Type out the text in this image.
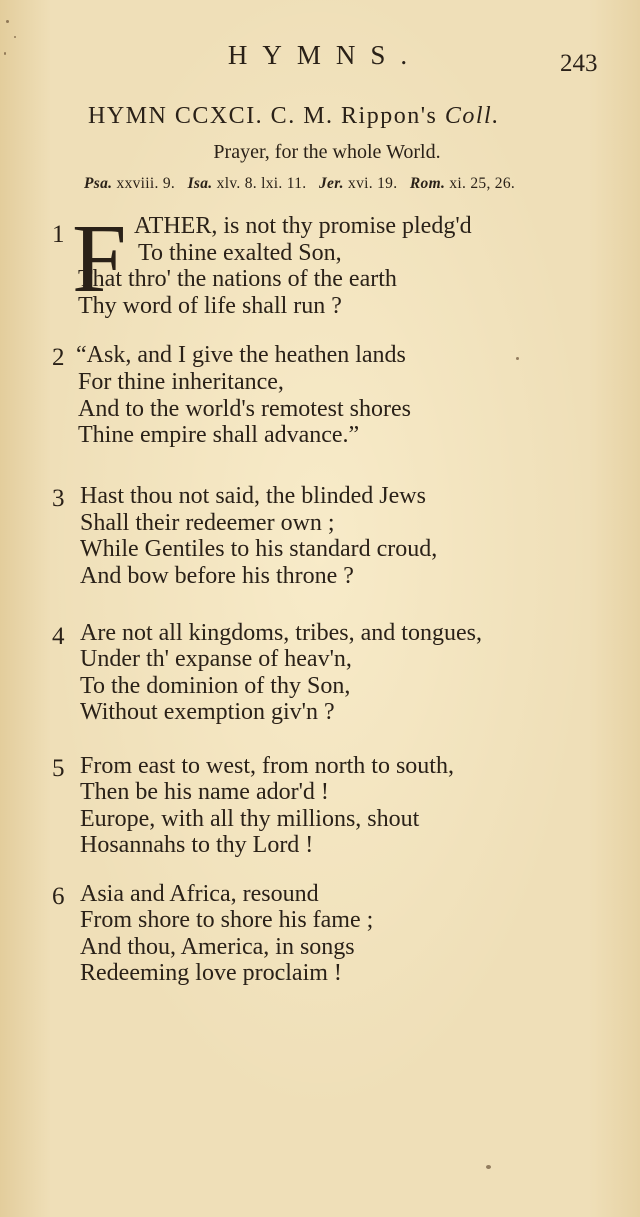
HYMNS.	243
HYMN CCXCI. C. M. Rippon's Coll.
Prayer, for the whole World.
Psa. xxviii. 9. Isa. xlv. 8. lxi. 11. Jer. xvi. 19. Rom. xi. 25, 26.
1 F ATHER, is not thy promise pledg'd
To thine exalted Son,
That thro' the nations of the earth
Thy word of life shall run ?
2 “Ask, and I give the heathen lands
For thine inheritance,
And to the world's remotest shores
Thine empire shall advance.”
3 Hast thou not said, the blinded Jews
Shall their redeemer own ;
While Gentiles to his standard croud,
And bow before his throne ?
4 Are not all kingdoms, tribes, and tongues,
Under th' expanse of heav'n,
To the dominion of thy Son,
Without exemption giv'n ?
5 From east to west, from north to south,
Then be his name ador'd !
Europe, with all thy millions, shout
Hosannahs to thy Lord !
6 Asia and Africa, resound
From shore to shore his fame ;
And thou, America, in songs
Redeeming love proclaim !
